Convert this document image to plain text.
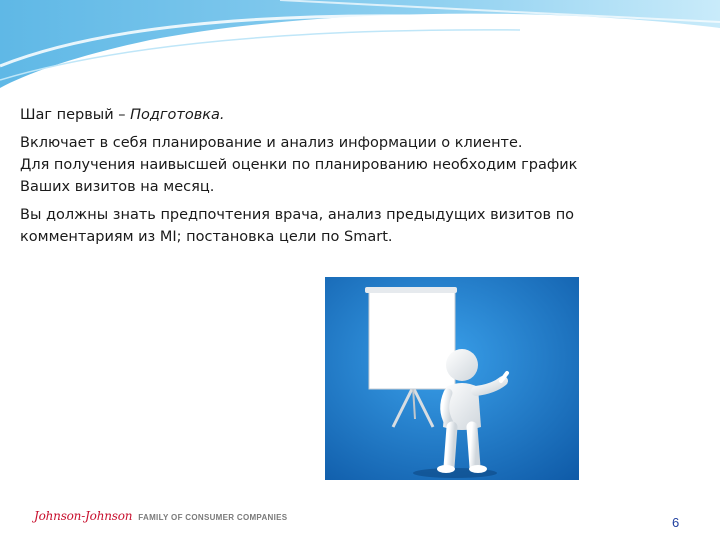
Шаг первый – Подготовка.

Включает в себя планирование и анализ информации о клиенте.

Для получения наивысшей оценки по планированию необходим график

Ваших визитов на месяц.

Вы должны знать предпочтения врача, анализ предыдущих визитов по

комментариям из MI; постановка цели по Smart.

Johnson-Johnson FAMILY OF CONSUMER COMPANIES	6
